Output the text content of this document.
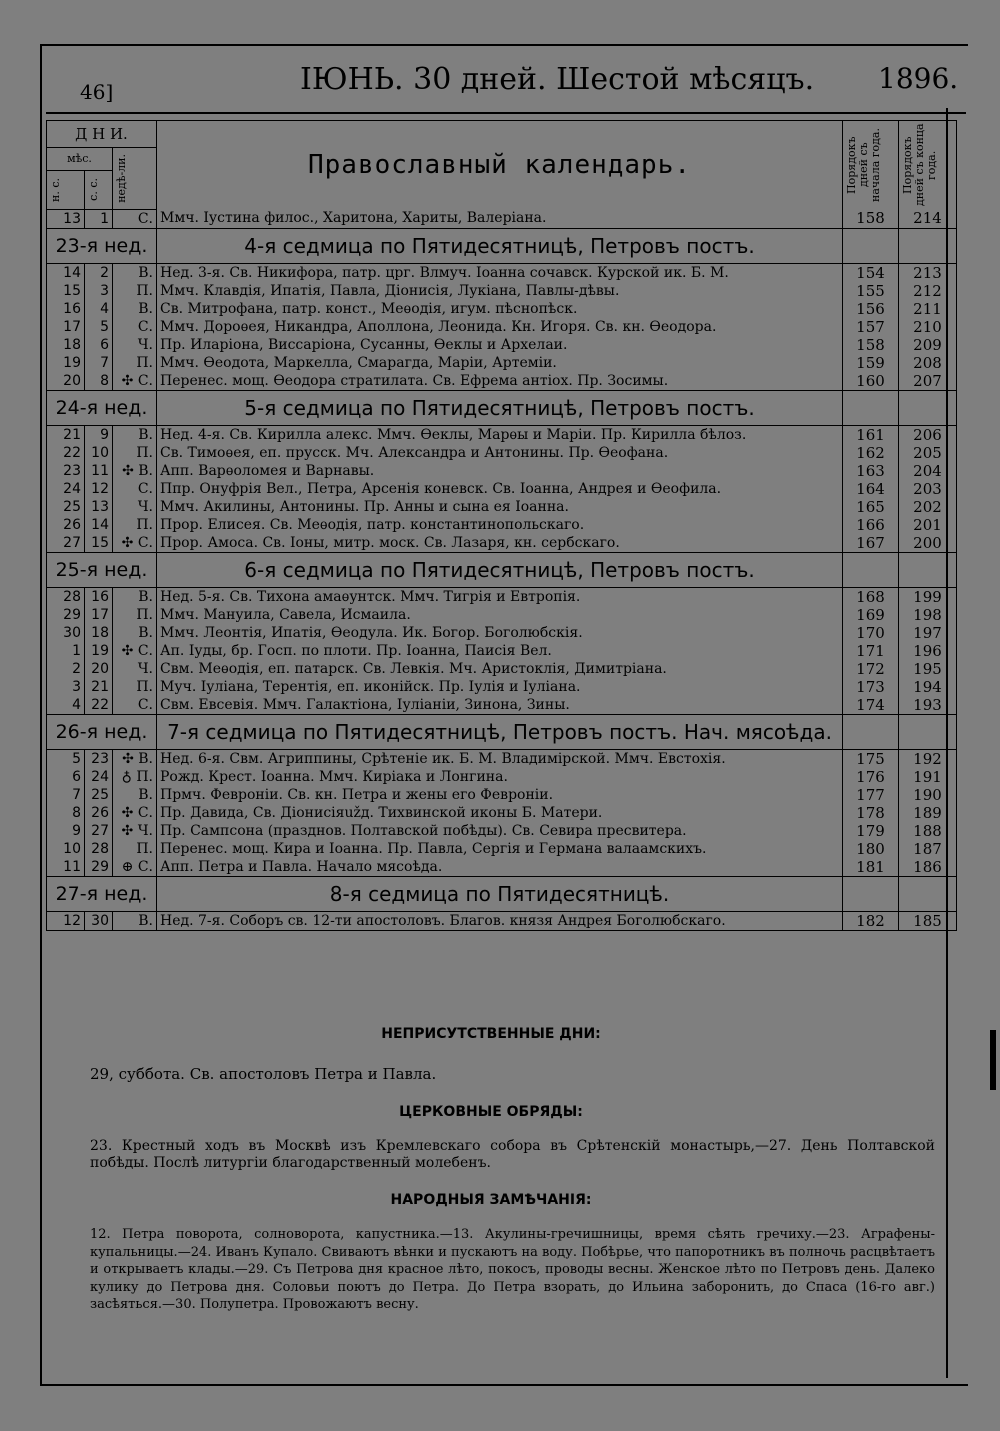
46]	ІЮНЬ. 30 дней. Шестой мѣсяцъ. 1896.
Д Н И.			Православный календарь.	Порядокъ дней съ начала года.	Порядокъ дней съ конца года.

мѣс.		недѣ-ли.			

н. с.	с. с.				

13	1	С.	Ммч. Іустина филос., Харитона, Хариты, Валеріана.	158	214
23-я нед.			4-я седмица по Пятидесятницѣ, Петровъ постъ.		
14	2	В.	Нед. 3-я. Св. Никифора, патр. црг. Влмуч. Іоанна сочавск. Курской ик. Б. М.	154	213
15	3	П.	Ммч. Клавдія, Ипатія, Павла, Діонисія, Лукіана, Павлы-дѣвы.	155	212
16	4	В.	Св. Митрофана, патр. конст., Меѳодія, игум. пѣснопѣск.	156	211
17	5	С.	Ммч. Дороѳея, Никандра, Аполлона, Леонида. Кн. Игоря. Св. кн. Ѳеодора.	157	210
18	6	Ч.	Пр. Иларіона, Виссаріона, Сусанны, Ѳеклы и Архелаи.	158	209
19	7	П.	Ммч. Ѳеодота, Маркелла, Смарагда, Маріи, Артеміи.	159	208
20	8	✣ С.	Перенес. мощ. Ѳеодора стратилата. Св. Ефрема антіох. Пр. Зосимы.	160	207
24-я нед.			5-я седмица по Пятидесятницѣ, Петровъ постъ.		
21	9	В.	Нед. 4-я. Св. Кирилла алекс. Ммч. Ѳеклы, Марѳы и Маріи. Пр. Кирилла бѣлоз.	161	206
22	10	П.	Св. Тимоѳея, еп. прусск. Мч. Александра и Антонины. Пр. Ѳеофана.	162	205
23	11	✣ В.	Апп. Варѳоломея и Варнавы.	163	204
24	12	С.	Ппр. Онуфрія Вел., Петра, Арсенія коневск. Св. Іоанна, Андрея и Ѳеофила.	164	203
25	13	Ч.	Ммч. Акилины, Антонины. Пр. Анны и сына ея Іоанна.	165	202
26	14	П.	Прор. Елисея. Св. Меѳодія, патр. константинопольскаго.	166	201
27	15	✣ С.	Прор. Амоса. Св. Іоны, митр. моск. Св. Лазаря, кн. сербскаго.	167	200
25-я нед.			6-я седмица по Пятидесятницѣ, Петровъ постъ.		
28	16	В.	Нед. 5-я. Св. Тихона амаѳунтск. Ммч. Тигрія и Евтропія.	168	199
29	17	П.	Ммч. Мануила, Савела, Исмаила.	169	198
30	18	В.	Ммч. Леонтія, Ипатія, Ѳеодула. Ик. Богор. Боголюбскія.	170	197
1	19	✣ С.	Ап. Іуды, бр. Госп. по плоти. Пр. Іоанна, Паисія Вел.	171	196
2	20	Ч.	Свм. Меѳодія, еп. патарск. Св. Левкія. Мч. Аристоклія, Димитріана.	172	195
3	21	П.	Муч. Іуліана, Терентія, еп. иконійск. Пр. Іулія и Іуліана.	173	194
4	22	С.	Свм. Евсевія. Ммч. Галактіона, Іуліаніи, Зинона, Зины.	174	193
26-я нед.			7-я седмица по Пятидесятницѣ, Петровъ постъ. Нач. мясоѣда.		
5	23	✣ В.	Нед. 6-я. Свм. Агриппины, Срѣтеніе ик. Б. М. Владимірской. Ммч. Евстохія.	175	192
6	24	♁ П.	Рожд. Крест. Іоанна. Ммч. Киріака и Лонгина.	176	191
7	25	В.	Прмч. Февроніи. Св. кн. Петра и жены его Февроніи.	177	190
8	26	✣ С.	Пр. Давида, Св. Діонисіяužд. Тихвинской иконы Б. Матери.	178	189
9	27	✣ Ч.	Пр. Сампсона (празднов. Полтавской побѣды). Св. Севира пресвитера.	179	188
10	28	П.	Перенес. мощ. Кира и Іоанна. Пр. Павла, Сергія и Германа валаамскихъ.	180	187
11	29	⊕ С.	Апп. Петра и Павла. Начало мясоѣда.	181	186
27-я нед.			8-я седмица по Пятидесятницѣ.		
12	30	В.	Нед. 7-я. Соборъ св. 12-ти апостоловъ. Благов. князя Андрея Боголюбскаго.	182	185
НЕПРИСУТСТВЕННЫЕ ДНИ:
29, суббота. Св. апостоловъ Петра и Павла.
ЦЕРКОВНЫЕ ОБРЯДЫ:
23. Крестный ходъ въ Москвѣ изъ Кремлевскаго собора въ Срѣтенскій монастырь,—27. День Полтавской побѣды. Послѣ литургіи благодарственный молебенъ.
НАРОДНЫЯ ЗАМѢЧАНІЯ:
12. Петра поворота, солноворота, капустника.—13. Акулины-гречишницы, время сѣять гречиху.—23. Аграфены-купальницы.—24. Иванъ Купало. Свиваютъ вѣнки и пускаютъ на воду. Побѣрье, что папоротникъ въ полночь расцвѣтаетъ и открываетъ клады.—29. Съ Петрова дня красное лѣто, покосъ, проводы весны. Женское лѣто по Петровъ день. Далеко кулику до Петрова дня. Соловьи поютъ до Петра. До Петра взорать, до Ильина заборонить, до Спаса (16-го авг.) засѣяться.—30. Полупетра. Провожаютъ весну.
